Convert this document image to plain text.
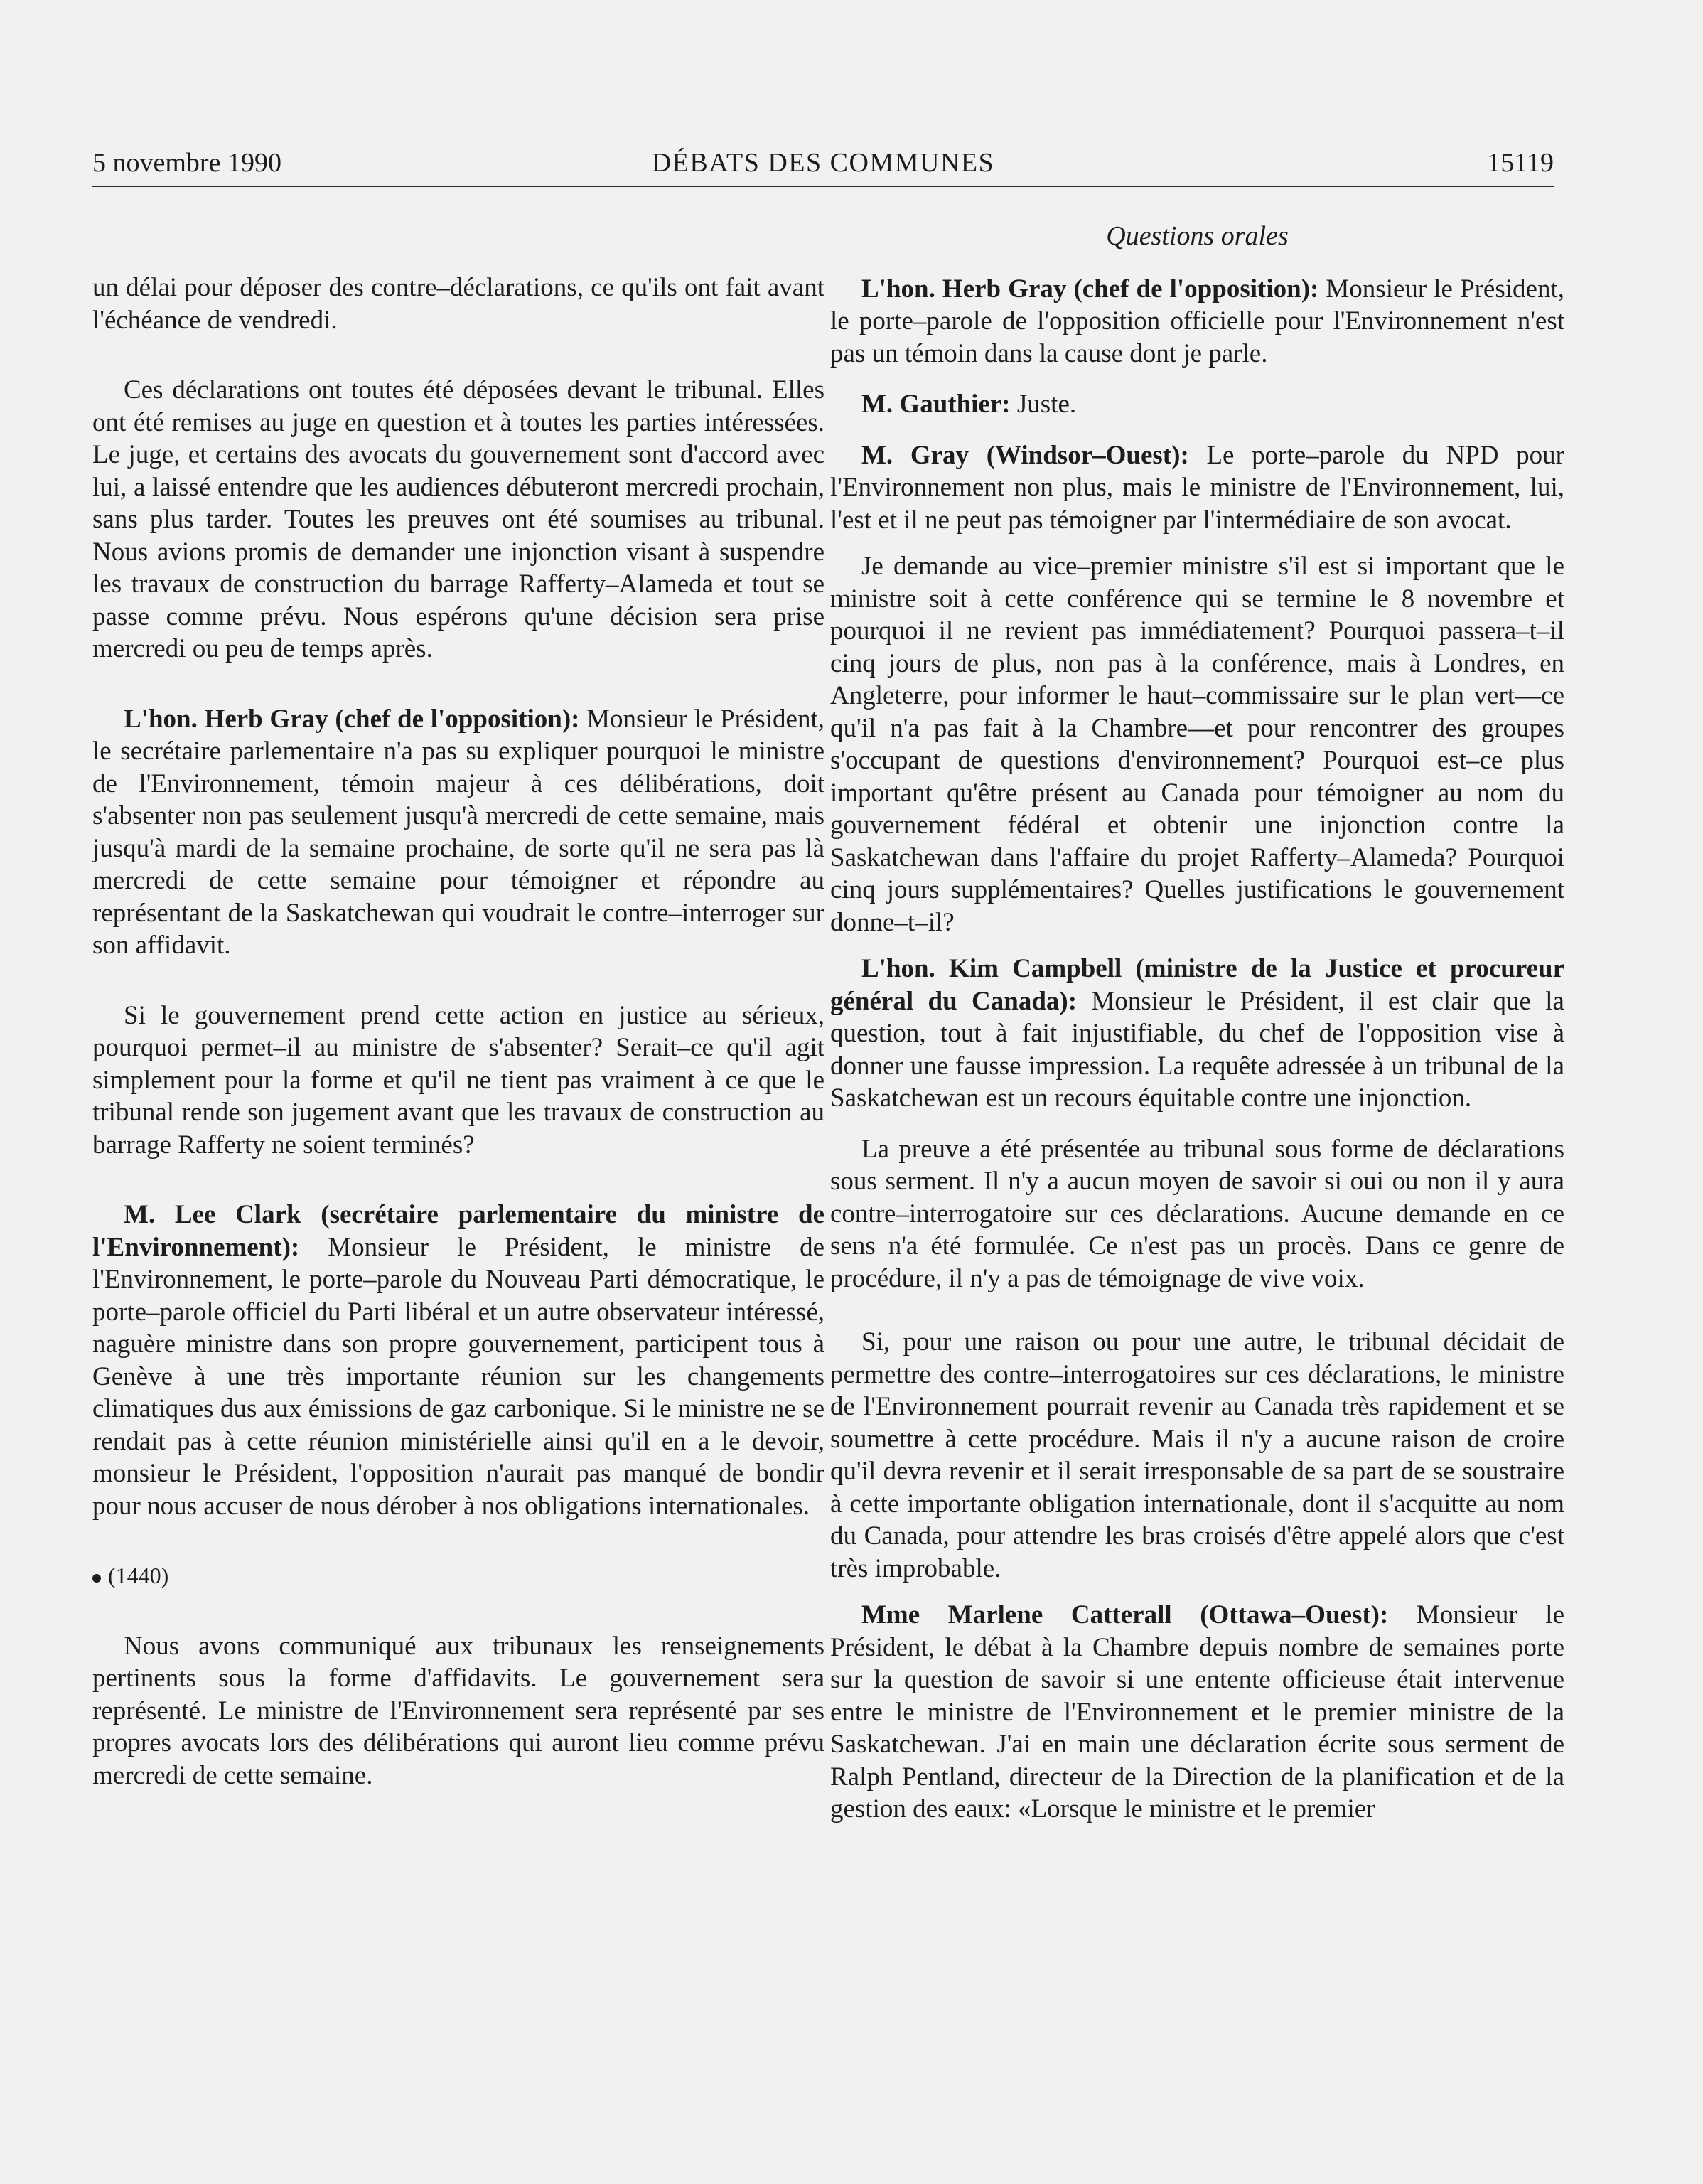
5 novembre 1990	DÉBATS DES COMMUNES	15119

un délai pour déposer des contre–déclarations, ce qu'ils ont fait avant l'échéance de vendredi.

Ces déclarations ont toutes été déposées devant le tribunal. Elles ont été remises au juge en question et à toutes les parties intéressées. Le juge, et certains des avocats du gouvernement sont d'accord avec lui, a laissé entendre que les audiences débuteront mercredi prochain, sans plus tarder. Toutes les preuves ont été soumises au tribunal. Nous avions promis de demander une injonction visant à suspendre les travaux de construction du barrage Rafferty–Alameda et tout se passe comme prévu. Nous espérons qu'une décision sera prise mercredi ou peu de temps après.

L'hon. Herb Gray (chef de l'opposition): Monsieur le Président, le secrétaire parlementaire n'a pas su expliquer pourquoi le ministre de l'Environnement, témoin majeur à ces délibérations, doit s'absenter non pas seulement jusqu'à mercredi de cette semaine, mais jusqu'à mardi de la semaine prochaine, de sorte qu'il ne sera pas là mercredi de cette semaine pour témoigner et répondre au représentant de la Saskatchewan qui voudrait le contre–interroger sur son affidavit.

Si le gouvernement prend cette action en justice au sérieux, pourquoi permet–il au ministre de s'absenter? Serait–ce qu'il agit simplement pour la forme et qu'il ne tient pas vraiment à ce que le tribunal rende son jugement avant que les travaux de construction au barrage Rafferty ne soient terminés?

M. Lee Clark (secrétaire parlementaire du ministre de l'Environnement): Monsieur le Président, le ministre de l'Environnement, le porte–parole du Nouveau Parti démocratique, le porte–parole officiel du Parti libéral et un autre observateur intéressé, naguère ministre dans son propre gouvernement, participent tous à Genève à une très importante réunion sur les changements climatiques dus aux émissions de gaz carbonique. Si le ministre ne se rendait pas à cette réunion ministérielle ainsi qu'il en a le devoir, monsieur le Président, l'opposition n'aurait pas manqué de bondir pour nous accuser de nous dérober à nos obligations internationales.

(1440)

Nous avons communiqué aux tribunaux les renseignements pertinents sous la forme d'affidavits. Le gouvernement sera représenté. Le ministre de l'Environnement sera représenté par ses propres avocats lors des délibérations qui auront lieu comme prévu mercredi de cette semaine.

Questions orales

L'hon. Herb Gray (chef de l'opposition): Monsieur le Président, le porte–parole de l'opposition officielle pour l'Environnement n'est pas un témoin dans la cause dont je parle.

M. Gauthier: Juste.

M. Gray (Windsor–Ouest): Le porte–parole du NPD pour l'Environnement non plus, mais le ministre de l'Environnement, lui, l'est et il ne peut pas témoigner par l'intermédiaire de son avocat.

Je demande au vice–premier ministre s'il est si important que le ministre soit à cette conférence qui se termine le 8 novembre et pourquoi il ne revient pas immédiatement? Pourquoi passera–t–il cinq jours de plus, non pas à la conférence, mais à Londres, en Angleterre, pour informer le haut–commissaire sur le plan vert—ce qu'il n'a pas fait à la Chambre—et pour rencontrer des groupes s'occupant de questions d'environnement? Pourquoi est–ce plus important qu'être présent au Canada pour témoigner au nom du gouvernement fédéral et obtenir une injonction contre la Saskatchewan dans l'affaire du projet Rafferty–Alameda? Pourquoi cinq jours supplémentaires? Quelles justifications le gouvernement donne–t–il?

L'hon. Kim Campbell (ministre de la Justice et procureur général du Canada): Monsieur le Président, il est clair que la question, tout à fait injustifiable, du chef de l'opposition vise à donner une fausse impression. La requête adressée à un tribunal de la Saskatchewan est un recours équitable contre une injonction.

La preuve a été présentée au tribunal sous forme de déclarations sous serment. Il n'y a aucun moyen de savoir si oui ou non il y aura contre–interrogatoire sur ces déclarations. Aucune demande en ce sens n'a été formulée. Ce n'est pas un procès. Dans ce genre de procédure, il n'y a pas de témoignage de vive voix.

Si, pour une raison ou pour une autre, le tribunal décidait de permettre des contre–interrogatoires sur ces déclarations, le ministre de l'Environnement pourrait revenir au Canada très rapidement et se soumettre à cette procédure. Mais il n'y a aucune raison de croire qu'il devra revenir et il serait irresponsable de sa part de se soustraire à cette importante obligation internationale, dont il s'acquitte au nom du Canada, pour attendre les bras croisés d'être appelé alors que c'est très improbable.

Mme Marlene Catterall (Ottawa–Ouest): Monsieur le Président, le débat à la Chambre depuis nombre de semaines porte sur la question de savoir si une entente officieuse était intervenue entre le ministre de l'Environnement et le premier ministre de la Saskatchewan. J'ai en main une déclaration écrite sous serment de Ralph Pentland, directeur de la Direction de la planification et de la gestion des eaux: «Lorsque le ministre et le premier
